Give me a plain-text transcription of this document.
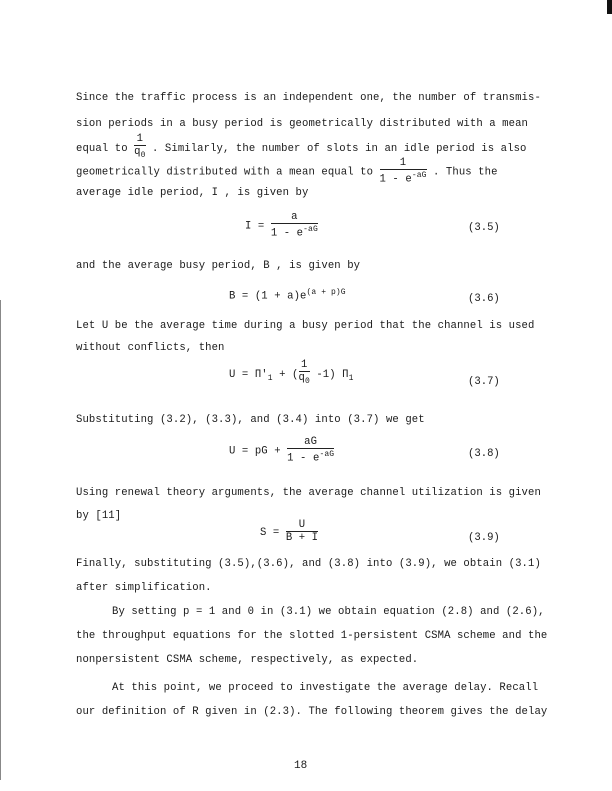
Since the traffic process is an independent one, the number of transmis-
sion periods in a busy period is geometrically distributed with a mean
equal to $\frac{1}{q_0}$ . Similarly, the number of slots in an idle period is also
geometrically distributed with a mean equal to $\frac{1}{1 - e^{-aG}}$ . Thus the
average idle period, I , is given by
$I = \frac{a}{1 - e^{-aG}}$	(3.5)
and the average busy period, B , is given by
$B = (1 + a)e^{(a + p)G}$
(3.6)
Let U be the average time during a busy period that the channel is used
without conflicts, then
$U = \Pi'_1$ + ( $\frac{1}{q_0} -1$) $\Pi_1$	(3.7)
Substituting (3.2), (3.3), and (3.4) into (3.7) we get
U = pG + $\frac{aG}{1 - e^{-aG}}$	(3.8)
Using renewal theory arguments, the average channel utilization is given
by [11]
$S = \frac{U}{B + I}$	(3.9)
Finally, substituting (3.5),(3.6), and (3.8) into (3.9), we obtain (3.1)
after simplification.
By setting p = 1 and 0 in (3.1) we obtain equation (2.8) and (2.6),
the throughput equations for the slotted 1-persistent CSMA scheme and the
nonpersistent CSMA scheme, respectively, as expected.
At this point, we proceed to investigate the average delay. Recall
our definition of R given in (2.3). The following theorem gives the delay
18
